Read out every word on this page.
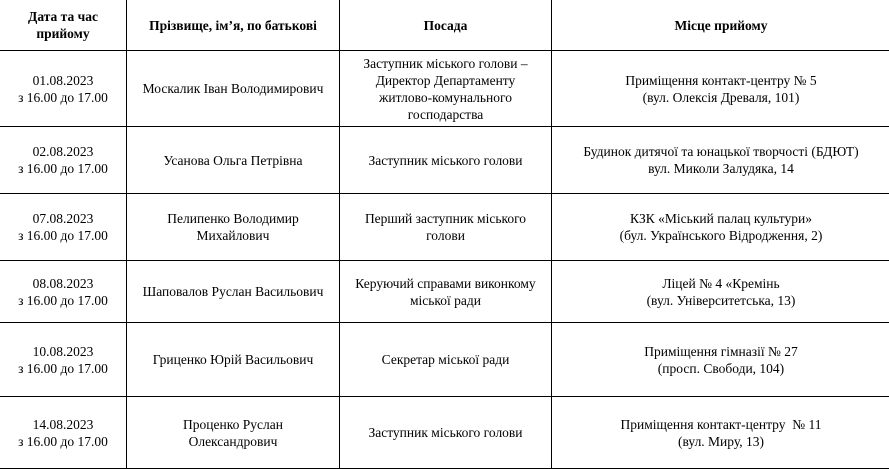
Дата та час
прийому	Прізвище, ім’я, по батькові	Посада	Місце прийому

01.08.2023
з 16.00 до 17.00	Москалик Іван Володимирович	Заступник міського голови –
Директор Департаменту
житлово-комунального
господарства	Приміщення контакт-центру № 5
(вул. Олексія Древаля, 101)

02.08.2023
з 16.00 до 17.00	Усанова Ольга Петрівна	Заступник міського голови	Будинок дитячої та юнацької творчості (БДЮТ)
вул. Миколи Залудяка, 14

07.08.2023
з 16.00 до 17.00	Пелипенко Володимир
Михайлович	Перший заступник міського
голови	КЗК «Міський палац культури»
(бул. Українського Відродження, 2)

08.08.2023
з 16.00 до 17.00	Шаповалов Руслан Васильович	Керуючий справами виконкому
міської ради	Ліцей № 4 «Кремінь
(вул. Університетська, 13)

10.08.2023
з 16.00 до 17.00	Гриценко Юрій Васильович	Секретар міської ради	Приміщення гімназії № 27
(просп. Свободи, 104)

14.08.2023
з 16.00 до 17.00	Проценко Руслан
Олександрович	Заступник міського голови	Приміщення контакт-центру  № 11
(вул. Миру, 13)
